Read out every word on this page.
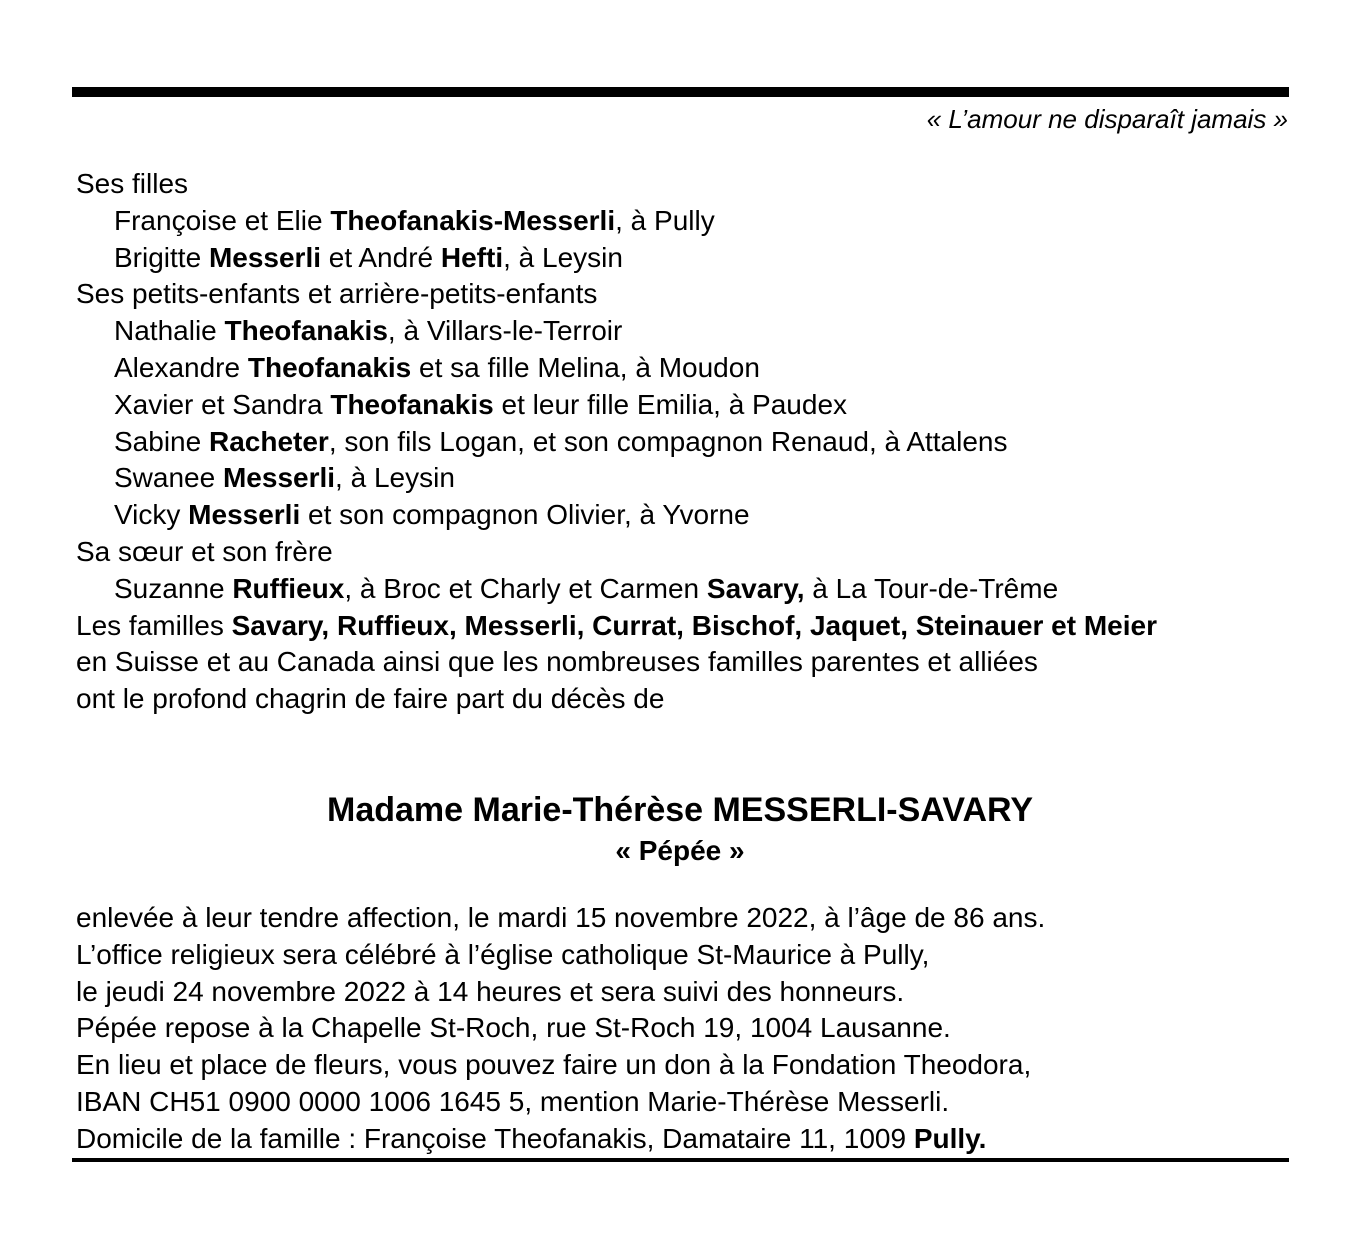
« L’amour ne disparaît jamais »
Ses filles
Françoise et Elie Theofanakis-Messerli, à Pully
Brigitte Messerli et André Hefti, à Leysin
Ses petits-enfants et arrière-petits-enfants
Nathalie Theofanakis, à Villars-le-Terroir
Alexandre Theofanakis et sa fille Melina, à Moudon
Xavier et Sandra Theofanakis et leur fille Emilia, à Paudex
Sabine Racheter, son fils Logan, et son compagnon Renaud, à Attalens
Swanee Messerli, à Leysin
Vicky Messerli et son compagnon Olivier, à Yvorne
Sa sœur et son frère
Suzanne Ruffieux, à Broc et Charly et Carmen Savary, à La Tour-de-Trême
Les familles Savary, Ruffieux, Messerli, Currat, Bischof, Jaquet, Steinauer et Meier
en Suisse et au Canada ainsi que les nombreuses familles parentes et alliées
ont le profond chagrin de faire part du décès de
Madame Marie-Thérèse MESSERLI-SAVARY
« Pépée »
enlevée à leur tendre affection, le mardi 15 novembre 2022, à l’âge de 86 ans.
L’office religieux sera célébré à l’église catholique St-Maurice à Pully,
le jeudi 24 novembre 2022 à 14 heures et sera suivi des honneurs.
Pépée repose à la Chapelle St-Roch, rue St-Roch 19, 1004 Lausanne.
En lieu et place de fleurs, vous pouvez faire un don à la Fondation Theodora,
IBAN CH51 0900 0000 1006 1645 5, mention Marie-Thérèse Messerli.
Domicile de la famille : Françoise Theofanakis, Damataire 11, 1009 Pully.
